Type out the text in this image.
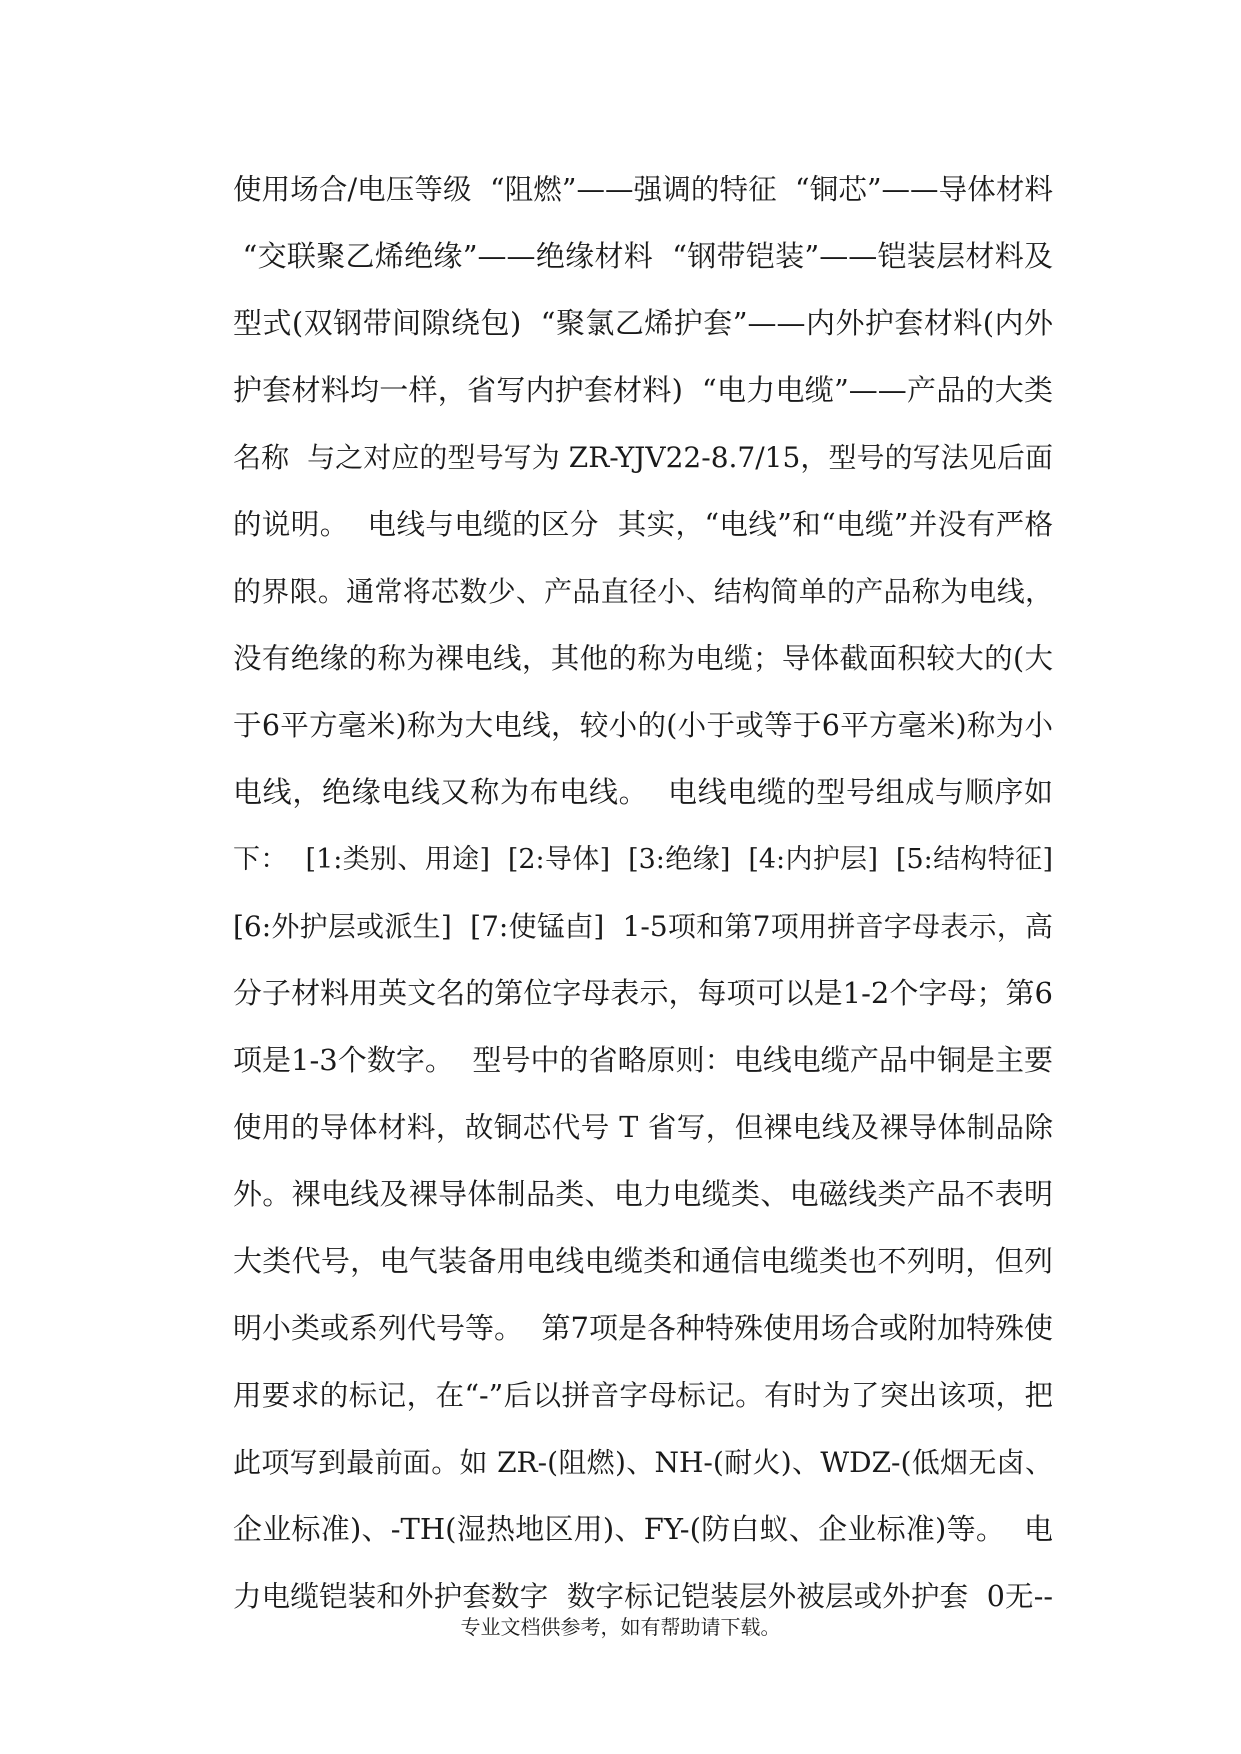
使用场合/电压等级  “阻燃”——强调的特征  “铜芯”——导体材料
“交联聚乙烯绝缘”——绝缘材料  “钢带铠装”——铠装层材料及
型式(双钢带间隙绕包)  “聚氯乙烯护套”——内外护套材料(内外
护套材料均一样，省写内护套材料)  “电力电缆”——产品的大类
名称  与之对应的型号写为 ZR-YJV22-8.7/15，型号的写法见后面
的说明。  电线与电缆的区分  其实，“电线”和“电缆”并没有严格
的界限。通常将芯数少、产品直径小、结构简单的产品称为电线，
没有绝缘的称为裸电线，其他的称为电缆；导体截面积较大的(大
于6平方毫米)称为大电线，较小的(小于或等于6平方毫米)称为小
电线，绝缘电线又称为布电线。  电线电缆的型号组成与顺序如
下：  [1:类别、用途]  [2:导体]  [3:绝缘]  [4:内护层]  [5:结构特征]
[6:外护层或派生]  [7:使锰卣]  1-5项和第7项用拼音字母表示，高
分子材料用英文名的第位字母表示，每项可以是1-2个字母；第6
项是1-3个数字。  型号中的省略原则：电线电缆产品中铜是主要
使用的导体材料，故铜芯代号 T 省写，但裸电线及裸导体制品除
外。裸电线及裸导体制品类、电力电缆类、电磁线类产品不表明
大类代号，电气装备用电线电缆类和通信电缆类也不列明，但列
明小类或系列代号等。  第7项是各种特殊使用场合或附加特殊使
用要求的标记，在“-”后以拼音字母标记。有时为了突出该项，把
此项写到最前面。如 ZR-(阻燃)、NH-(耐火)、WDZ-(低烟无卤、
企业标准)、-TH(湿热地区用)、FY-(防白蚁、企业标准)等。  电
力电缆铠装和外护套数字  数字标记铠装层外被层或外护套  0无--
专业文档供参考，如有帮助请下载。
